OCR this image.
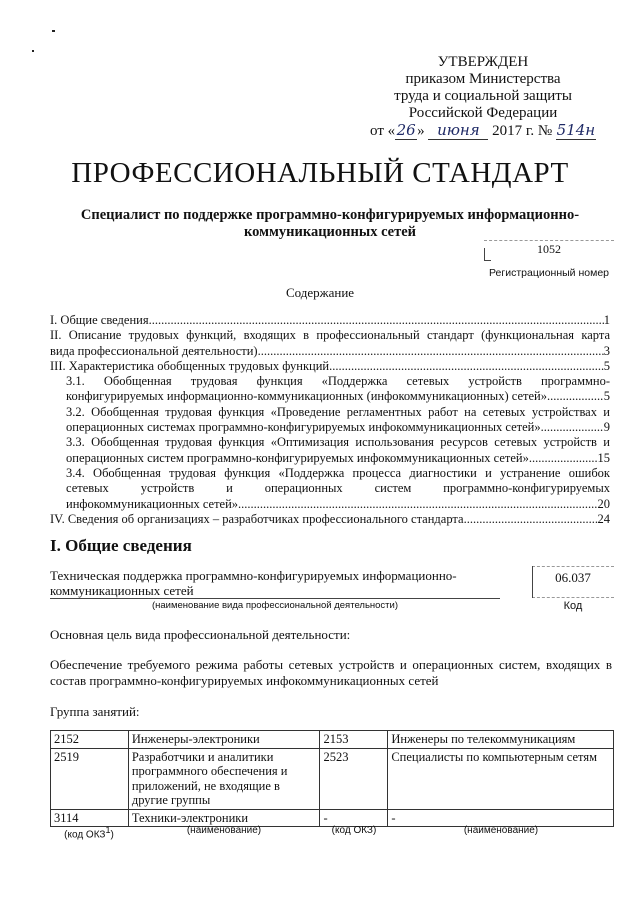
УТВЕРЖДЕН
приказом Министерства
труда и социальной защиты
Российской Федерации
от «26» июня 2017 г. № 514н
ПРОФЕССИОНАЛЬНЫЙ СТАНДАРТ
Специалист по поддержке программно-конфигурируемых информационно-коммуникационных сетей
1052
Регистрационный номер
Содержание
I. Общие сведения .....	1
II. Описание трудовых функций, входящих в профессиональный стандарт (функциональная карта
вида профессиональной деятельности) .....	3
III. Характеристика обобщенных трудовых функций .....	5
3.1. Обобщенная трудовая функция «Поддержка сетевых устройств программно-
конфигурируемых информационно-коммуникационных (инфокоммуникационных) сетей» .....	5
3.2. Обобщенная трудовая функция «Проведение регламентных работ на сетевых устройствах и
операционных системах программно-конфигурируемых инфокоммуникационных сетей» .....	9
3.3. Обобщенная трудовая функция «Оптимизация использования ресурсов сетевых устройств и
операционных систем программно-конфигурируемых инфокоммуникационных сетей» .....	15
3.4. Обобщенная трудовая функция «Поддержка процесса диагностики и устранение ошибок
сетевых устройств и операционных систем программно-конфигурируемых
инфокоммуникационных сетей» .....	20
IV. Сведения об организациях – разработчиках профессионального стандарта .....	24
I. Общие сведения
Техническая поддержка программно-конфигурируемых информационно-коммуникационных сетей
(наименование вида профессиональной деятельности)
06.037
Код
Основная цель вида профессиональной деятельности:
Обеспечение требуемого режима работы сетевых устройств и операционных систем, входящих в состав программно-конфигурируемых инфокоммуникационных сетей
Группа занятий:
2152	Инженеры-электроники	2153	Инженеры по телекоммуникациям
2519	Разработчики и аналитики программного обеспечения и приложений, не входящие в другие группы	2523	Специалисты по компьютерным сетям
3114	Техники-электроники	-	-
(код ОКЗ$^1$)	(наименование)	(код ОКЗ)	(наименование)
